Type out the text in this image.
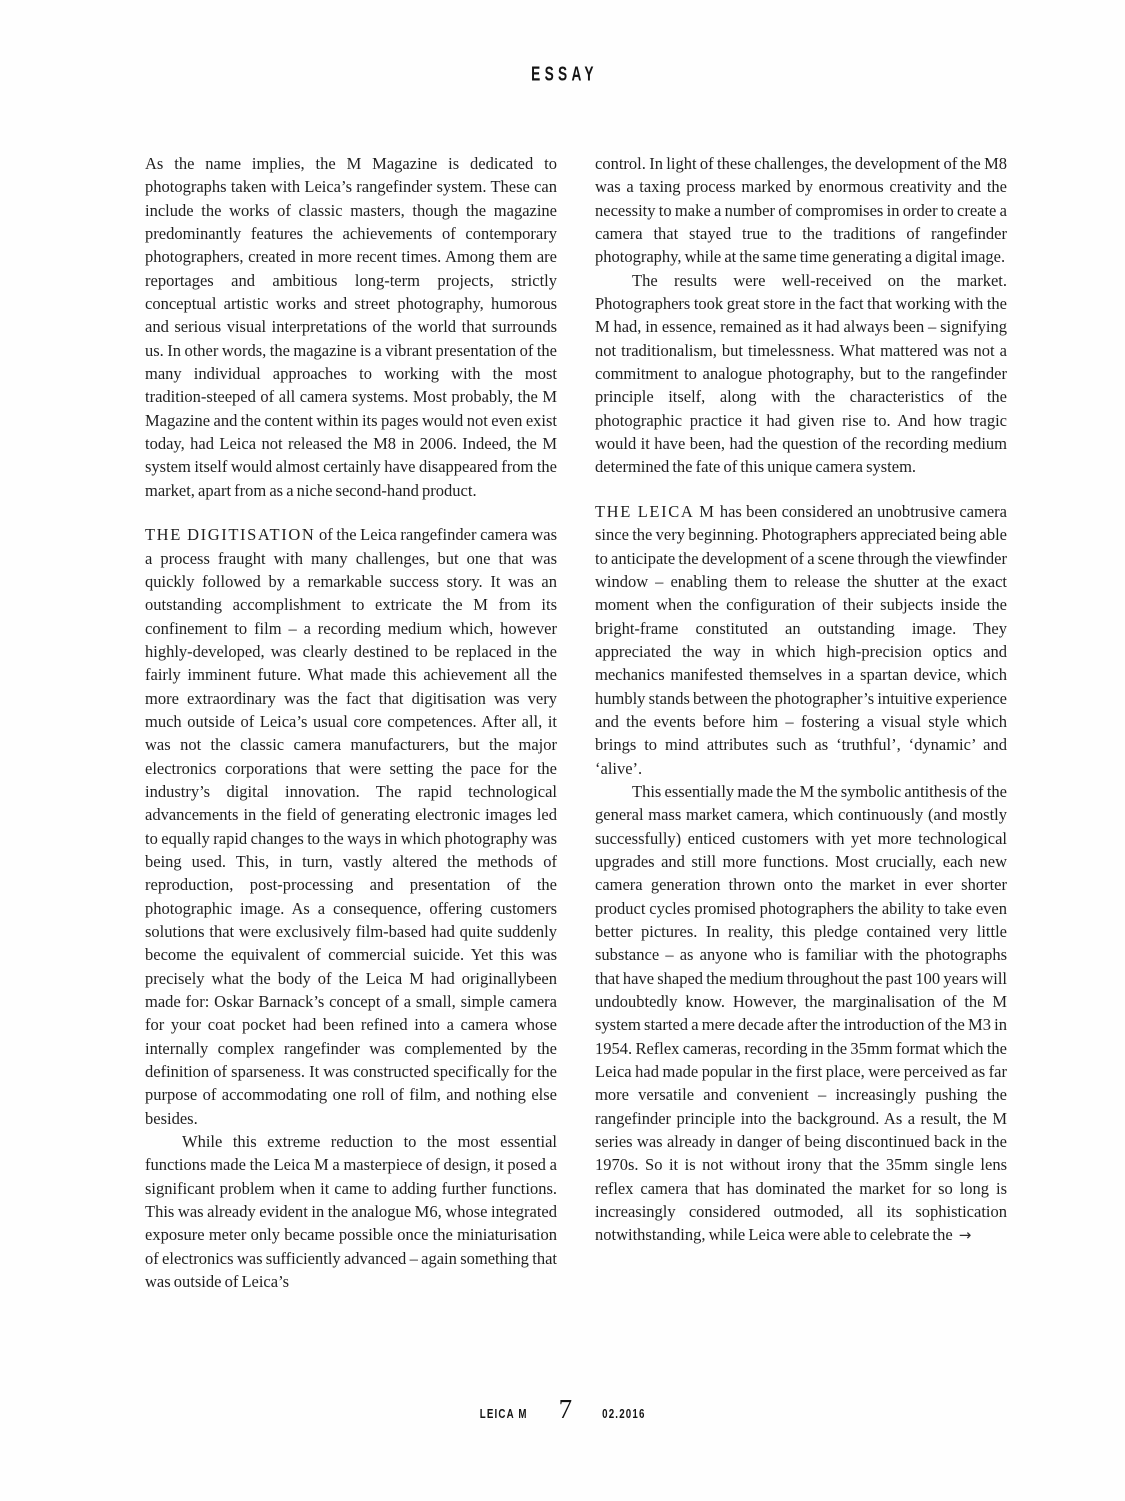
ESSAY

As the name implies, the M Magazine is dedicated to photographs taken with Leica’s rangefinder system. These can include the works of classic masters, though the magazine predominantly features the achievements of contemporary photographers, created in more recent times. Among them are reportages and ambitious long-term projects, strictly conceptual artistic works and street photography, humorous and serious visual interpretations of the world that surrounds us. In other words, the magazine is a vibrant presentation of the many individual approaches to working with the most tradition-steeped of all camera systems. Most probably, the M Magazine and the content within its pages would not even exist today, had Leica not released the M8 in 2006. Indeed, the M system itself would almost certainly have disappeared from the market, apart from as a niche second-hand product.

THE DIGITISATION of the Leica rangefinder camera was a process fraught with many challenges, but one that was quickly followed by a remarkable success story. It was an outstanding accomplishment to extricate the M from its confinement to film – a recording medium which, however highly-developed, was clearly destined to be replaced in the fairly imminent future. What made this achievement all the more extraordinary was the fact that digitisation was very much outside of Leica’s usual core competences. After all, it was not the classic camera manufacturers, but the major electronics corporations that were setting the pace for the industry’s digital innovation. The rapid technological advancements in the field of generating electronic images led to equally rapid changes to the ways in which photography was being used. This, in turn, vastly altered the methods of reproduction, post-processing and presentation of the photographic image. As a consequence, offering customers solutions that were exclusively film-based had quite suddenly become the equivalent of commercial suicide. Yet this was precisely what the body of the Leica M had originallybeen made for: Oskar Barnack’s concept of a small, simple camera for your coat pocket had been refined into a camera whose internally complex rangefinder was complemented by the definition of sparseness. It was constructed specifically for the purpose of accommodating one roll of film, and nothing else besides.

While this extreme reduction to the most essential functions made the Leica M a masterpiece of design, it posed a significant problem when it came to adding further functions. This was already evident in the analogue M6, whose integrated exposure meter only became possible once the miniaturisation of electronics was sufficiently advanced – again something that was outside of Leica’s

control. In light of these challenges, the development of the M8 was a taxing process marked by enormous creativity and the necessity to make a number of compromises in order to create a camera that stayed true to the traditions of rangefinder photography, while at the same time generating a digital image.

The results were well-received on the market. Photographers took great store in the fact that working with the M had, in essence, remained as it had always been – signifying not traditionalism, but timelessness. What mattered was not a commitment to analogue photography, but to the rangefinder principle itself, along with the characteristics of the photographic practice it had given rise to. And how tragic would it have been, had the question of the recording medium determined the fate of this unique camera system.

THE LEICA M has been considered an unobtrusive camera since the very beginning. Photographers appreciated being able to anticipate the development of a scene through the viewfinder window – enabling them to release the shutter at the exact moment when the configuration of their subjects inside the bright-frame constituted an outstanding image. They appreciated the way in which high-precision optics and mechanics manifested themselves in a spartan device, which humbly stands between the photographer’s intuitive experience and the events before him – fostering a visual style which brings to mind attributes such as ‘truthful’, ‘dynamic’ and ‘alive’.

This essentially made the M the symbolic antithesis of the general mass market camera, which continuously (and mostly successfully) enticed customers with yet more technological upgrades and still more functions. Most crucially, each new camera generation thrown onto the market in ever shorter product cycles promised photographers the ability to take even better pictures. In reality, this pledge contained very little substance – as anyone who is familiar with the photographs that have shaped the medium throughout the past 100 years will undoubtedly know. However, the marginalisation of the M system started a mere decade after the introduction of the M3 in 1954. Reflex cameras, recording in the 35mm format which the Leica had made popular in the first place, were perceived as far more versatile and convenient – increasingly pushing the rangefinder principle into the background. As a result, the M series was already in danger of being discontinued back in the 1970s. So it is not without irony that the 35mm single lens reflex camera that has dominated the market for so long is increasingly considered outmoded, all its sophistication notwithstanding, while Leica were able to celebrate the →

LEICA M 7 02.2016
